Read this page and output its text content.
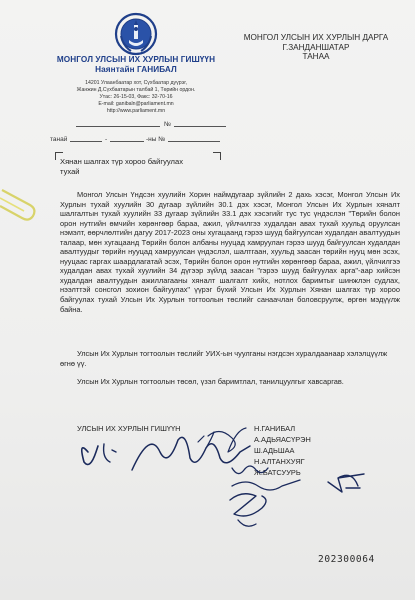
МОНГОЛ УЛСЫН ИХ ХУРЛЫН ГИШҮҮН
Наянтайн ГАНИБАЛ
14201 Улаанбаатар хот, Сүхбаатар дүүрэг,
Жанжин Д.Сүхбаатарын талбай 1, Төрийн ордон.
Утас: 26-15-03, Факс: 32-70-16
E-mail: ganibaln@parliament.mn
http://www.parliament.mn
МОНГОЛ УЛСЫН ИХ ХУРЛЫН ДАРГА
Г.ЗАНДАНШАТАР
ТАНАА
№
танай	-	-ны №
Хянан шалгах түр хороо байгуулах
тухай

Монгол Улсын Үндсэн хуулийн Хорин наймдугаар зүйлийн 2 дахь хэсэг, Монгол Улсын Их Хурлын тухай хуулийн 30 дугаар зүйлийн 30.1 дэх хэсэг, Монгол Улсын Их Хурлын хяналт шалгалтын тухай хуулийн 33 дугаар зүйлийн 33.1 дэх хэсэгийг тус тус үндэслэн "Төрийн болон орон нутгийн өмчийн хөрөнгөөр бараа, ажил, үйлчилгээ худалдан авах тухай хуульд оруулсан нэмэлт, өөрчлөлтийн дагуу 2017-2023 оны хугацаанд гэрээ шууд байгуулсан худалдан авалтуудын талаар, мөн хугацаанд Төрийн болон албаны нууцад хамруулан гэрээ шууд байгуулсан худалдан авалтуудыг төрийн нууцад хамруулсан үндэслэл, шалтгаан, хуульд заасан төрийн нууц мөн эсэх, нууцаас гаргах шаардлагатай эсэх, Төрийн болон орон нутгийн хөрөнгөөр бараа, ажил, үйлчилгээ худалдан авах тухай хуулийн 34 дүгээр зүйлд заасан "гэрээ шууд байгуулах арга"-аар хийсэн худалдан авалтуудын ажиллагааны хяналт шалгалт хийх, нотлох баримтыг шинжлэн судлах, нээлттэй сонсгол зохион байгуулах" үүрэг бүхий Улсын Их Хурлын Хянан шалгах түр хороо байгуулах тухай Улсын Их Хурлын тогтоолын төслийг санаачлан боловсруулж, өргөн мэдүүлж байна.

Улсын Их Хурлын тогтоолын төслийг УИХ-ын чуулганы нэгдсэн хуралдаанаар хэлэлцүүлж өгнө үү.

Улсын Их Хурлын тогтоолын төсөл, үзэл баримтлал, танилцуулгыг хавсаргав.

УЛСЫН ИХ ХУРЛЫН ГИШҮҮН	Н.ГАНИБАЛ
А.АДЬЯАСҮРЭН
Ш.АДЬШАА
Н.АЛТАНХУЯГ
Ж.БАТСУУРЬ
202300064
